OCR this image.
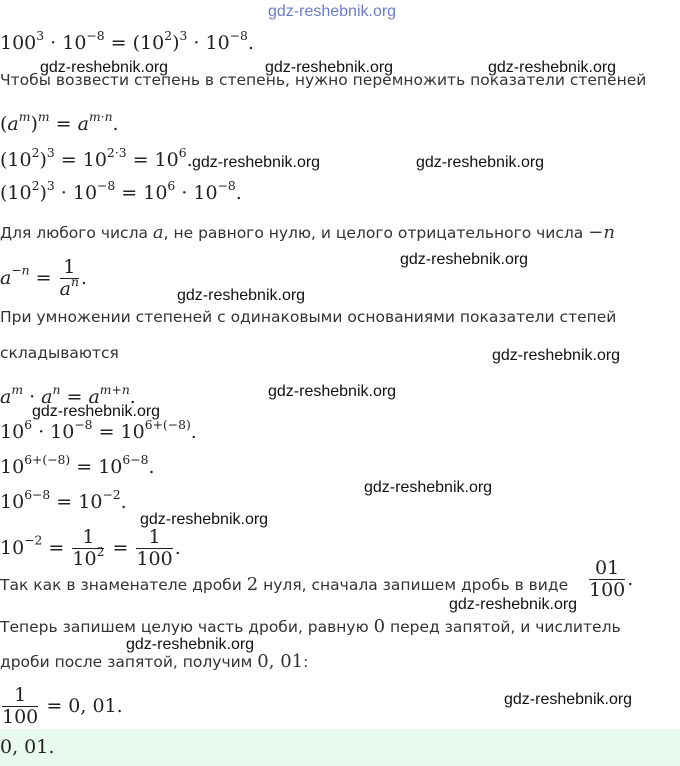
gdz-reshebnik.org
$100^3 \cdot 10^{-8} = (10^2)^3 \cdot 10^{-8}$.
gdz-reshebnik.org	gdz-reshebnik.org	gdz-reshebnik.org
Чтобы возвести степень в степень, нужно перемножить показатели степеней
$(a^m)^m = a^{m\cdot n}$.
$(10^2)^3 = 10^{2\cdot 3} = 10^6$. gdz-reshebnik.org	gdz-reshebnik.org
$(10^2)^3 \cdot 10^{-8} = 10^6 \cdot 10^{-8}$.
Для любого числа a, не равного нулю, и целого отрицательного числа −n
$a^{-n} = \frac{1}{a^n}$ .
gdz-reshebnik.org
gdz-reshebnik.org
При умножении степеней с одинаковыми основаниями показатели степей
складываются	gdz-reshebnik.org
$a^m \cdot a^n = a^{m+n}$.	gdz-reshebnik.org
gdz-reshebnik.org
$10^6 \cdot 10^{-8} = 10^{6+(-8)}$.
$10^{6+(-8)} = 10^{6-8}$.
$10^{6-8} = 10^{-2}$.
gdz-reshebnik.org
gdz-reshebnik.org
$10^{-2} = \frac{1}{10^2} = \frac{1}{100}$ .
Так как в знаменателе дроби 2 нуля, сначала запишем дробь в виде $\frac{01}{100}$ .
gdz-reshebnik.org
Теперь запишем целую часть дроби, равную 0 перед запятой, и числитель
gdz-reshebnik.org
дроби после запятой, получим 0, 01:
$\frac{1}{100} = 0$, 01.	gdz-reshebnik.org
0, 01.
